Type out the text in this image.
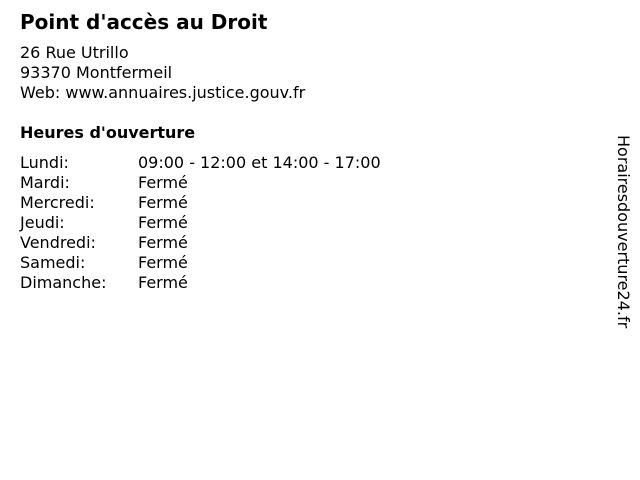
Point d'accès au Droit
26 Rue Utrillo
93370 Montfermeil
Web: www.annuaires.justice.gouv.fr
Heures d'ouverture
Lundi:	09:00 - 12:00 et 14:00 - 17:00
Mardi:	Fermé
Mercredi:	Fermé
Jeudi:	Fermé
Vendredi:	Fermé
Samedi:	Fermé
Dimanche:	Fermé	Horairesdouverture24.fr
